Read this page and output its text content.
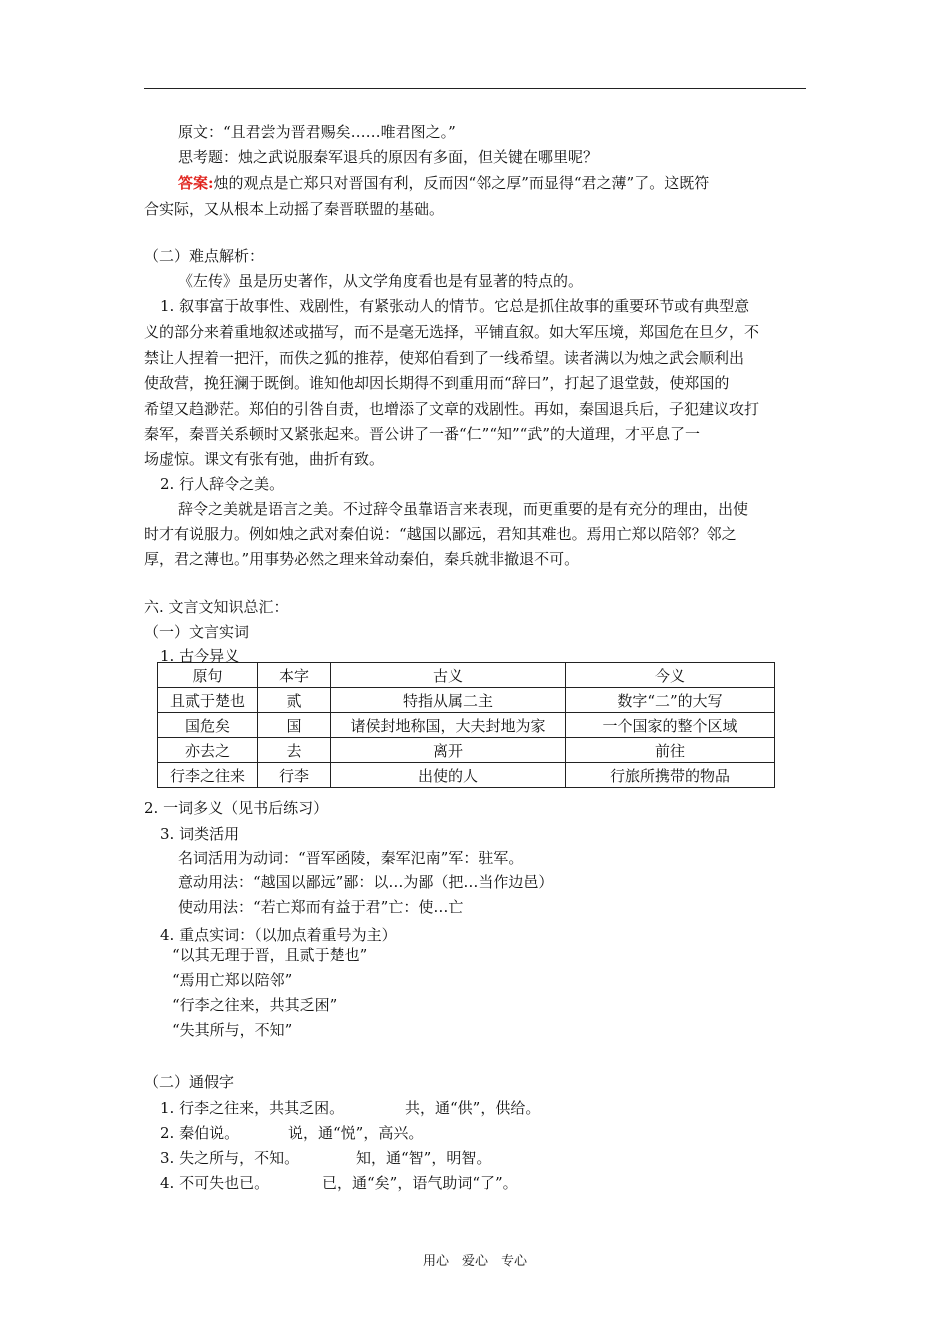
原文：“且君尝为晋君赐矣……唯君图之。”
思考题：烛之武说服秦军退兵的原因有多面，但关键在哪里呢？
答案:烛的观点是亡郑只对晋国有利，反而因“邻之厚”而显得“君之薄”了。这既符
合实际，又从根本上动摇了秦晋联盟的基础。
（二）难点解析：
《左传》虽是历史著作，从文学角度看也是有显著的特点的。
1. 叙事富于故事性、戏剧性，有紧张动人的情节。它总是抓住故事的重要环节或有典型意
义的部分来着重地叙述或描写，而不是毫无选择，平铺直叙。如大军压境，郑国危在旦夕，不
禁让人捏着一把汗，而佚之狐的推荐，使郑伯看到了一线希望。读者满以为烛之武会顺利出
使敌营，挽狂澜于既倒。谁知他却因长期得不到重用而“辞曰”，打起了退堂鼓，使郑国的
希望又趋渺茫。郑伯的引咎自责，也增添了文章的戏剧性。再如，秦国退兵后，子犯建议攻打
秦军，秦晋关系顿时又紧张起来。晋公讲了一番“仁”“知”“武”的大道理，才平息了一
场虚惊。课文有张有弛，曲折有致。
2. 行人辞令之美。
辞令之美就是语言之美。不过辞令虽靠语言来表现，而更重要的是有充分的理由，出使
时才有说服力。例如烛之武对秦伯说：“越国以鄙远，君知其难也。焉用亡郑以陪邻？邻之
厚，君之薄也。”用事势必然之理来耸动秦伯，秦兵就非撤退不可。
六. 文言文知识总汇：
（一）文言实词
1. 古今异义
原句	本字	古义	今义
且贰于楚也	贰	特指从属二主	数字“二”的大写
国危矣	国	诸侯封地称国，大夫封地为家	一个国家的整个区域
亦去之	去	离开	前往
行李之往来	行李	出使的人	行旅所携带的物品
2. 一词多义（见书后练习）
3. 词类活用
名词活用为动词：“晋军函陵，秦军氾南”军：驻军。
意动用法：“越国以鄙远”鄙：以…为鄙（把…当作边邑）
使动用法：“若亡郑而有益于君”亡：使…亡
4. 重点实词：（以加点着重号为主）
“以其无理于晋，且贰于楚也”
“焉用亡郑以陪邻”
“行李之往来，共其乏困”
“失其所与，不知”
（二）通假字
1. 行李之往来，共其乏困。	共，通“供”，供给。
2. 秦伯说。	说，通“悦”，高兴。
3. 失之所与，不知。	知，通“智”，明智。
4. 不可失也已。	已，通“矣”，语气助词“了”。
用心　爱心　专心
